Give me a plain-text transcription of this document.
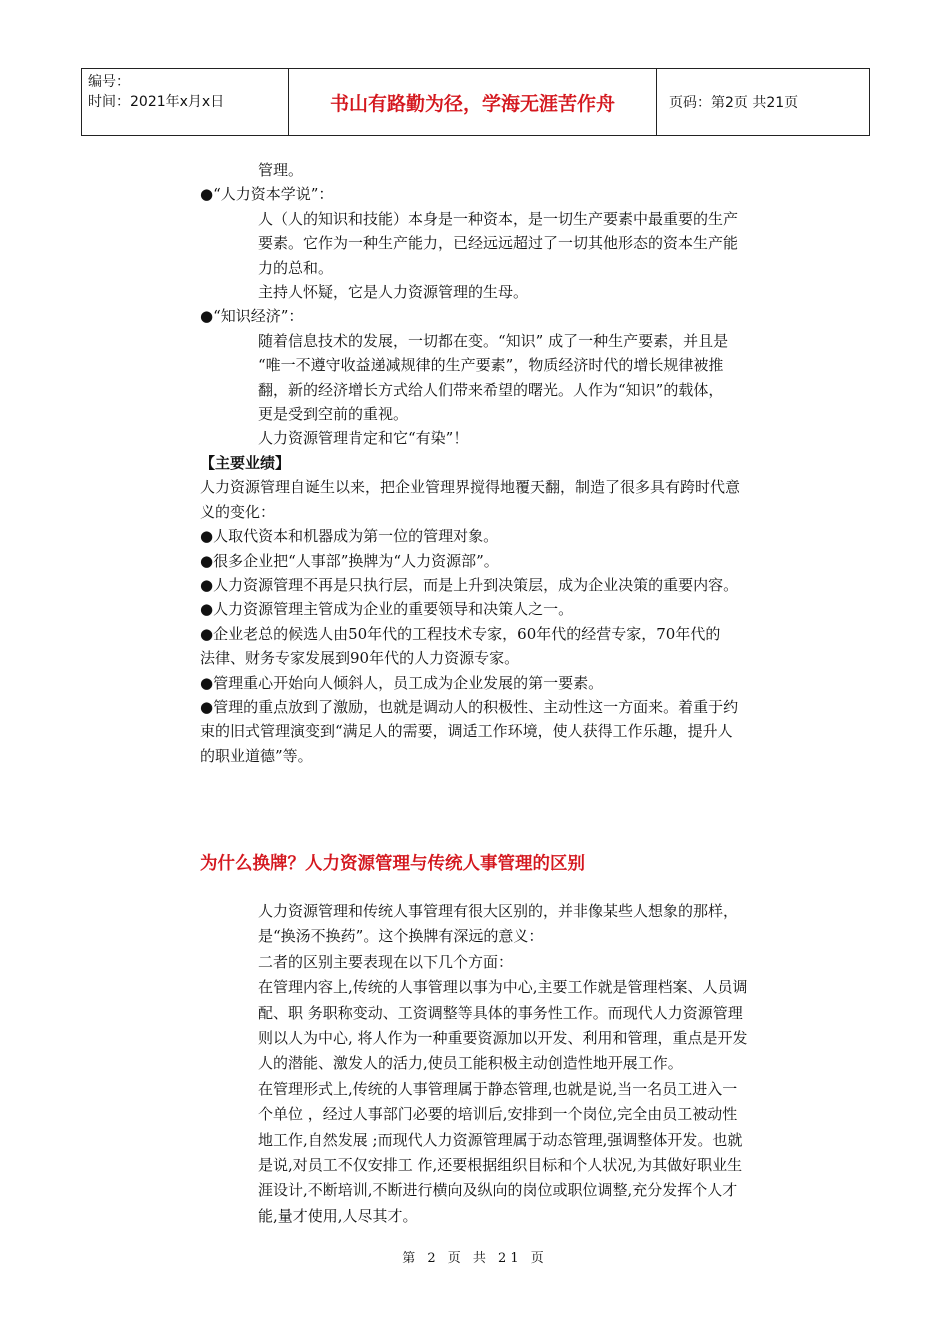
编号：
时间：2021年x月x日	书山有路勤为径，学海无涯苦作舟	页码：第2页 共21页
管理。
●“人力资本学说”：
人（人的知识和技能）本身是一种资本，是一切生产要素中最重要的生产
要素。它作为一种生产能力，已经远远超过了一切其他形态的资本生产能
力的总和。
主持人怀疑，它是人力资源管理的生母。
●“知识经济”：
随着信息技术的发展，一切都在变。“知识” 成了一种生产要素，并且是
“唯一不遵守收益递减规律的生产要素”，物质经济时代的增长规律被推
翻，新的经济增长方式给人们带来希望的曙光。人作为“知识”的载体，
更是受到空前的重视。
人力资源管理肯定和它“有染”！
【主要业绩】
人力资源管理自诞生以来，把企业管理界搅得地覆天翻，制造了很多具有跨时代意
义的变化：
●人取代资本和机器成为第一位的管理对象。
●很多企业把“人事部”换牌为“人力资源部”。
●人力资源管理不再是只执行层，而是上升到决策层，成为企业决策的重要内容。
●人力资源管理主管成为企业的重要领导和决策人之一。
●企业老总的候选人由50年代的工程技术专家，60年代的经营专家，70年代的
法律、财务专家发展到90年代的人力资源专家。
●管理重心开始向人倾斜人，员工成为企业发展的第一要素。
●管理的重点放到了激励，也就是调动人的积极性、主动性这一方面来。着重于约
束的旧式管理演变到“满足人的需要，调适工作环境，使人获得工作乐趣，提升人
的职业道德”等。
为什么换牌？人力资源管理与传统人事管理的区别
人力资源管理和传统人事管理有很大区别的，并非像某些人想象的那样，
是“换汤不换药”。这个换牌有深远的意义：
二者的区别主要表现在以下几个方面：
在管理内容上,传统的人事管理以事为中心,主要工作就是管理档案、人员调
配、职 务职称变动、工资调整等具体的事务性工作。而现代人力资源管理
则以人为中心, 将人作为一种重要资源加以开发、利用和管理，重点是开发
人的潜能、激发人的活力,使员工能积极主动创造性地开展工作。
在管理形式上,传统的人事管理属于静态管理,也就是说,当一名员工进入一
个单位 ，经过人事部门必要的培训后,安排到一个岗位,完全由员工被动性
地工作,自然发展 ;而现代人力资源管理属于动态管理,强调整体开发。也就
是说,对员工不仅安排工 作,还要根据组织目标和个人状况,为其做好职业生
涯设计,不断培训,不断进行横向及纵向的岗位或职位调整,充分发挥个人才
能,量才使用,人尽其才。
第 2 页 共 21 页
